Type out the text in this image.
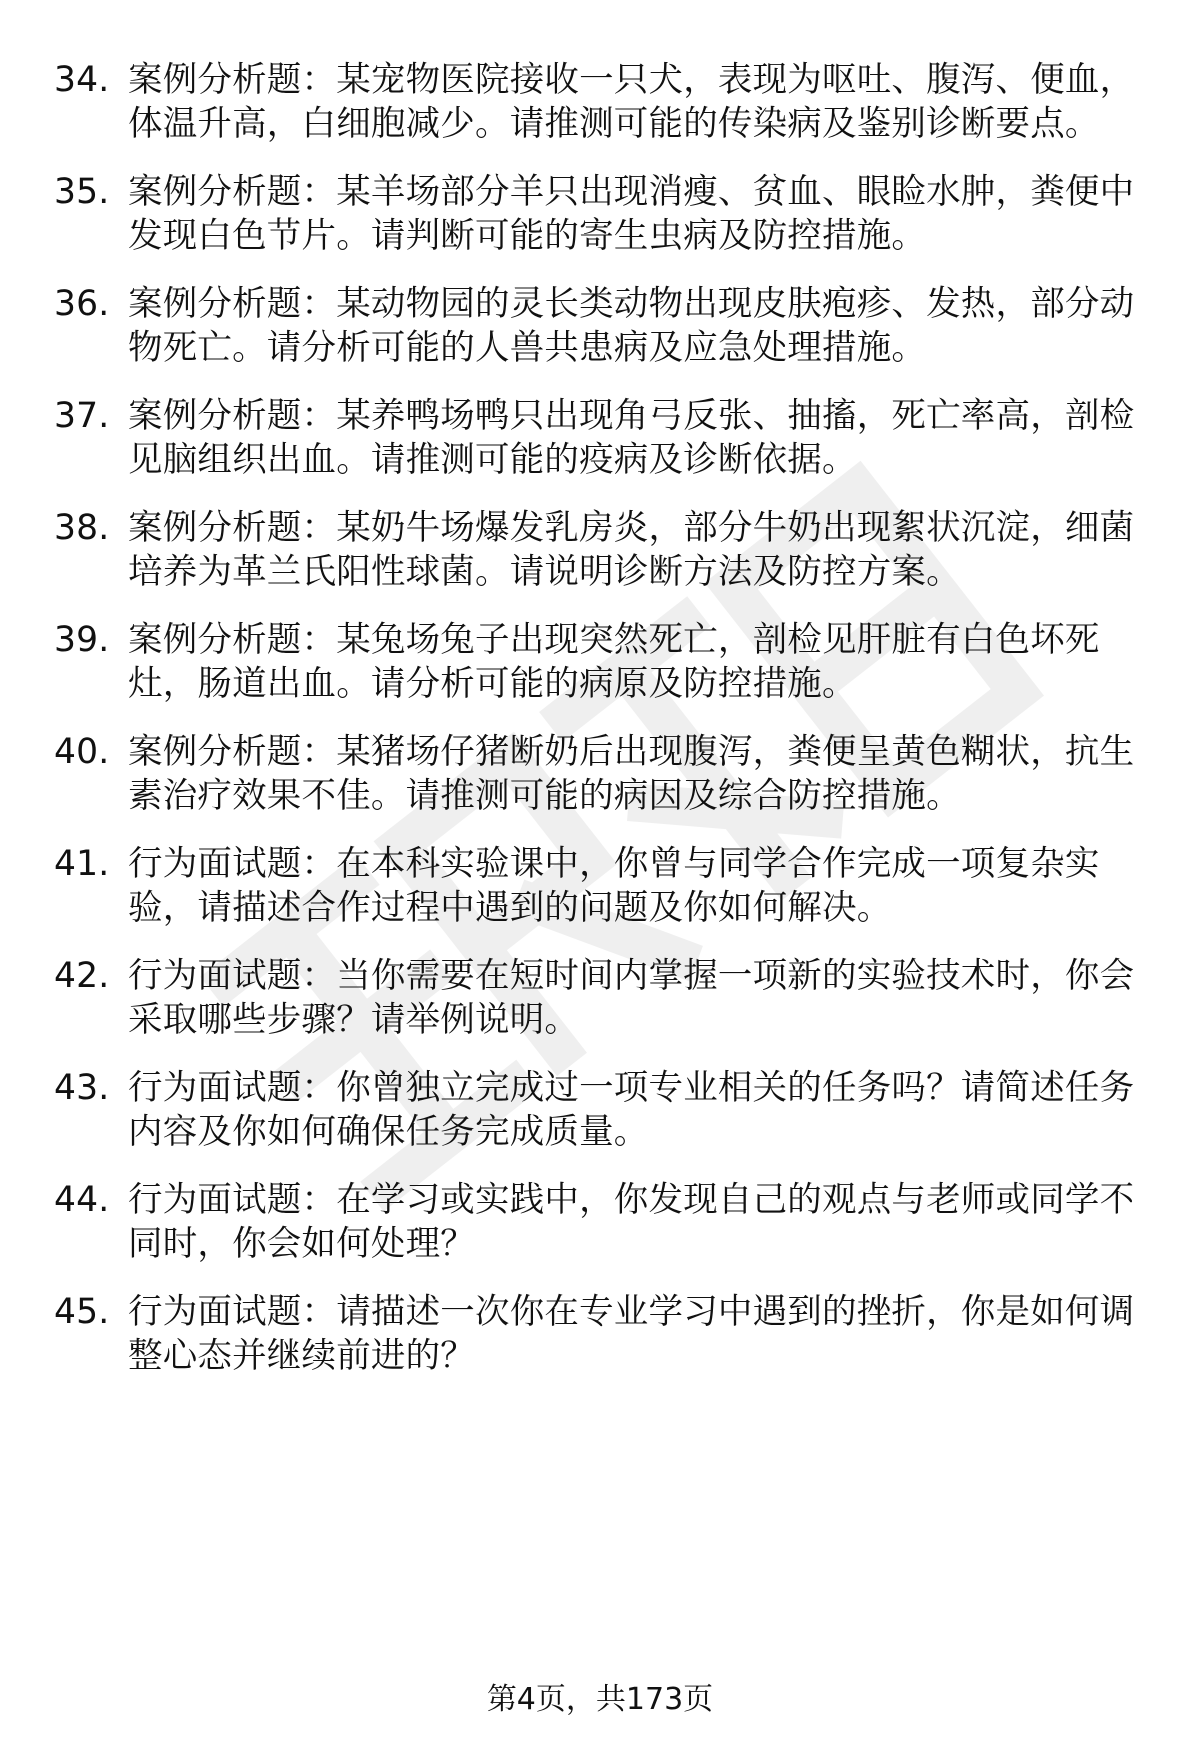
34. 案例分析题：某宠物医院接收一只犬，表现为呕吐、腹泻、便血，体温升高，白细胞减少。请推测可能的传染病及鉴别诊断要点。
35. 案例分析题：某羊场部分羊只出现消瘦、贫血、眼睑水肿，粪便中发现白色节片。请判断可能的寄生虫病及防控措施。
36. 案例分析题：某动物园的灵长类动物出现皮肤疱疹、发热，部分动物死亡。请分析可能的人兽共患病及应急处理措施。
37. 案例分析题：某养鸭场鸭只出现角弓反张、抽搐，死亡率高，剖检见脑组织出血。请推测可能的疫病及诊断依据。
38. 案例分析题：某奶牛场爆发乳房炎，部分牛奶出现絮状沉淀，细菌培养为革兰氏阳性球菌。请说明诊断方法及防控方案。
39. 案例分析题：某兔场兔子出现突然死亡，剖检见肝脏有白色坏死灶，肠道出血。请分析可能的病原及防控措施。
40. 案例分析题：某猪场仔猪断奶后出现腹泻，粪便呈黄色糊状，抗生素治疗效果不佳。请推测可能的病因及综合防控措施。
41. 行为面试题：在本科实验课中，你曾与同学合作完成一项复杂实验，请描述合作过程中遇到的问题及你如何解决。
42. 行为面试题：当你需要在短时间内掌握一项新的实验技术时，你会采取哪些步骤？请举例说明。
43. 行为面试题：你曾独立完成过一项专业相关的任务吗？请简述任务内容及你如何确保任务完成质量。
44. 行为面试题：在学习或实践中，你发现自己的观点与老师或同学不同时，你会如何处理？
45. 行为面试题：请描述一次你在专业学习中遇到的挫折，你是如何调整心态并继续前进的？
第4页，共173页
